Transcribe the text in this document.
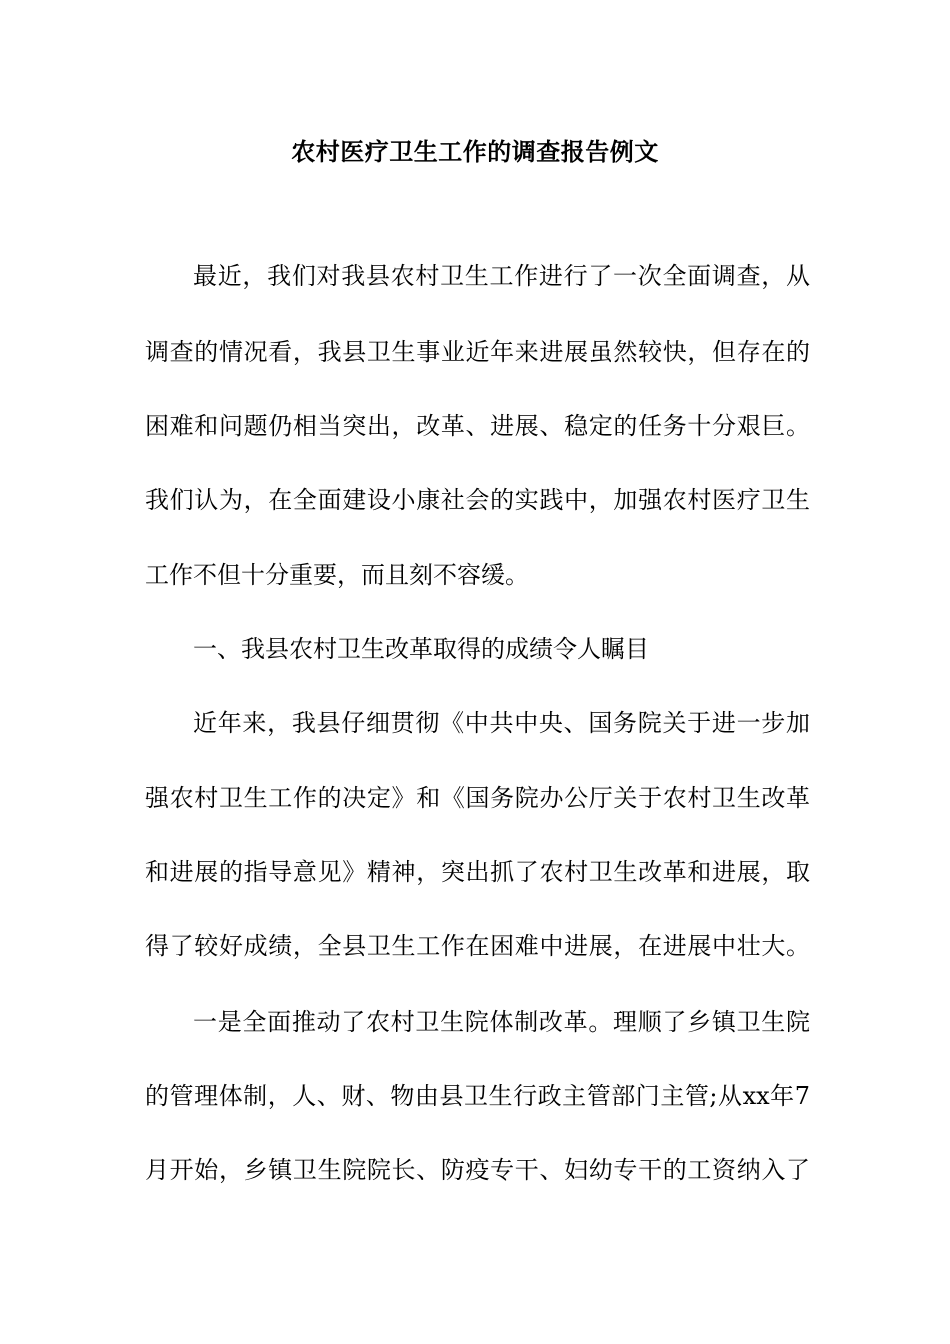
农村医疗卫生工作的调查报告例文
最近，我们对我县农村卫生工作进行了一次全面调查，从
调查的情况看，我县卫生事业近年来进展虽然较快，但存在的
困难和问题仍相当突出，改革、进展、稳定的任务十分艰巨。
我们认为，在全面建设小康社会的实践中，加强农村医疗卫生
工作不但十分重要，而且刻不容缓。
一、我县农村卫生改革取得的成绩令人瞩目
近年来，我县仔细贯彻《中共中央、国务院关于进一步加
强农村卫生工作的决定》和《国务院办公厅关于农村卫生改革
和进展的指导意见》精神，突出抓了农村卫生改革和进展，取
得了较好成绩，全县卫生工作在困难中进展，在进展中壮大。
一是全面推动了农村卫生院体制改革。理顺了乡镇卫生院
的管理体制，人、财、物由县卫生行政主管部门主管;从xx年7
月开始，乡镇卫生院院长、防疫专干、妇幼专干的工资纳入了
